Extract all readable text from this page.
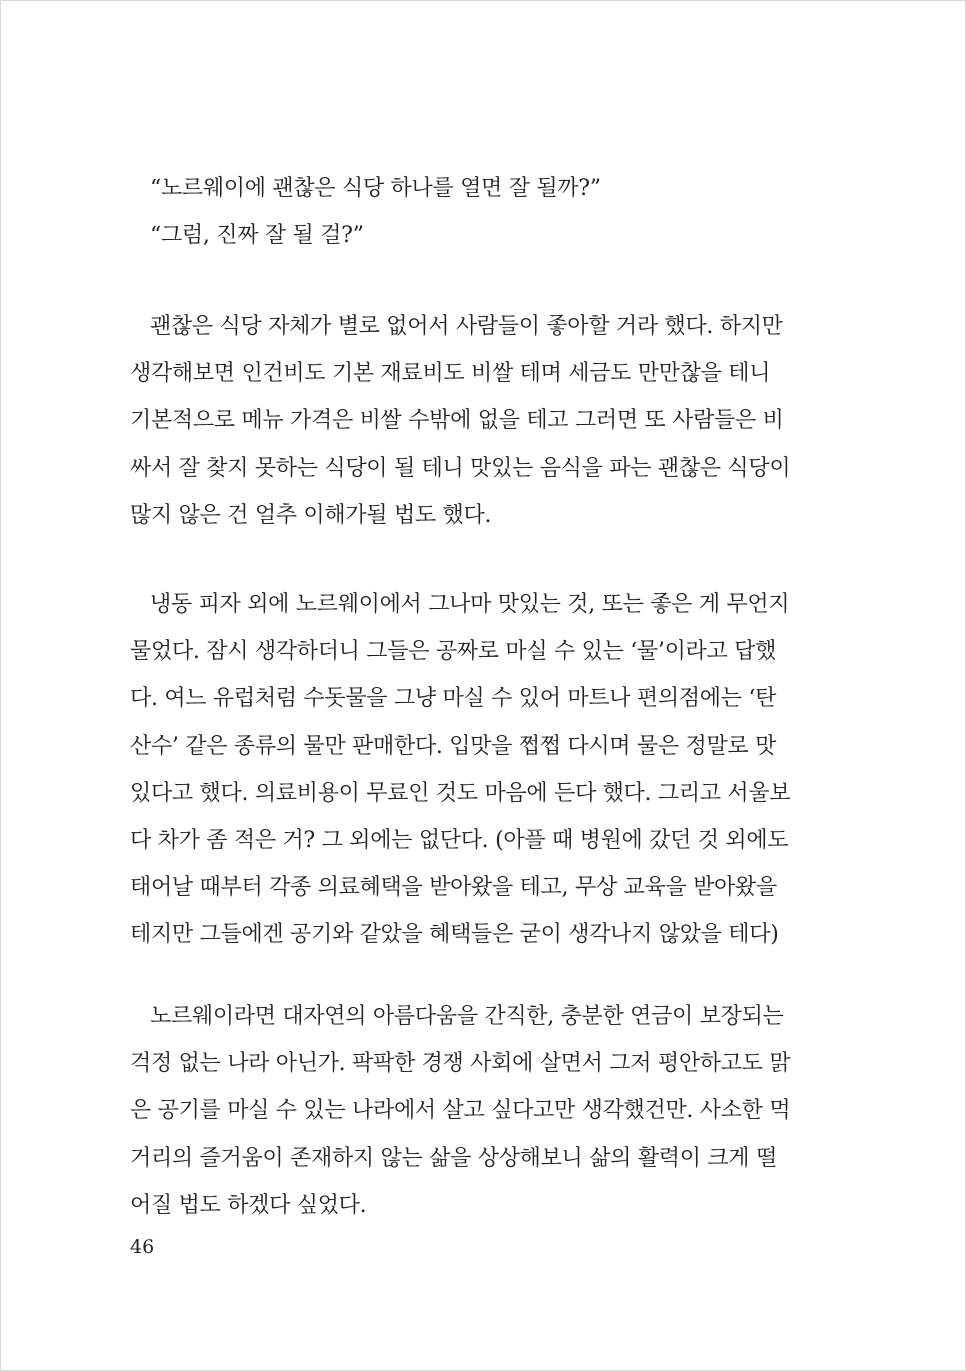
“노르웨이에 괜찮은 식당 하나를 열면 잘 될까?”
“그럼, 진짜 잘 될 걸?”
괜찮은 식당 자체가 별로 없어서 사람들이 좋아할 거라 했다. 하지만
생각해보면 인건비도 기본 재료비도 비쌀 테며 세금도 만만찮을 테니
기본적으로 메뉴 가격은 비쌀 수밖에 없을 테고 그러면 또 사람들은 비
싸서 잘 찾지 못하는 식당이 될 테니 맛있는 음식을 파는 괜찮은 식당이
많지 않은 건 얼추 이해가될 법도 했다.
냉동 피자 외에 노르웨이에서 그나마 맛있는 것, 또는 좋은 게 무언지
물었다. 잠시 생각하더니 그들은 공짜로 마실 수 있는 ‘물’이라고 답했
다. 여느 유럽처럼 수돗물을 그냥 마실 수 있어 마트나 편의점에는 ‘탄
산수’ 같은 종류의 물만 판매한다. 입맛을 쩝쩝 다시며 물은 정말로 맛
있다고 했다. 의료비용이 무료인 것도 마음에 든다 했다. 그리고 서울보
다 차가 좀 적은 거? 그 외에는 없단다. (아플 때 병원에 갔던 것 외에도
태어날 때부터 각종 의료혜택을 받아왔을 테고, 무상 교육을 받아왔을
테지만 그들에겐 공기와 같았을 혜택들은 굳이 생각나지 않았을 테다)
노르웨이라면 대자연의 아름다움을 간직한, 충분한 연금이 보장되는
걱정 없는 나라 아닌가. 팍팍한 경쟁 사회에 살면서 그저 평안하고도 맑
은 공기를 마실 수 있는 나라에서 살고 싶다고만 생각했건만. 사소한 먹
거리의 즐거움이 존재하지 않는 삶을 상상해보니 삶의 활력이 크게 떨
어질 법도 하겠다 싶었다.
46
